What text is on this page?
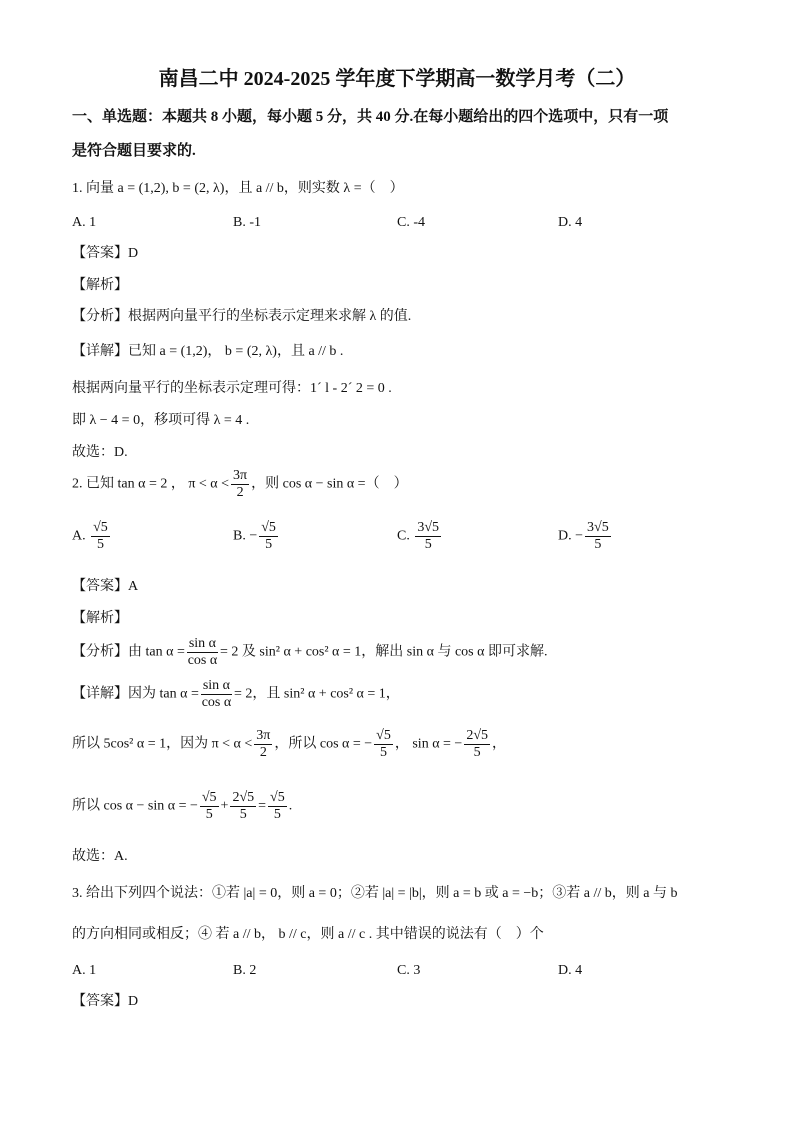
南昌二中 2024-2025 学年度下学期高一数学月考（二）
一、单选题：本题共 8 小题，每小题 5 分，共 40 分.在每小题给出的四个选项中，只有一项
是符合题目要求的.
1. 向量 a = (1,2), b = (2, λ)，且 a // b，则实数 λ =（　）
A. 1	B. -1	C. -4	D. 4
【答案】D
【解析】
【分析】根据两向量平行的坐标表示定理来求解 λ 的值.
【详解】已知 a = (1,2)， b = (2, λ)，且 a // b .
根据两向量平行的坐标表示定理可得：1´ l - 2´ 2 = 0 .
即 λ − 4 = 0，移项可得 λ = 4 .
故选：D.
2. 已知 tan α = 2 ， $\pi < \alpha < \frac{3\pi}{2}$ ，则 cos α − sin α =（　）
A. $\frac{√5}{5}$	B. − $\frac{√5}{5}$	C. $\frac{3√5}{5}$	D. − $\frac{3√5}{5}$
【答案】A
【解析】
【分析】由 $\tan \alpha = \frac{\text{sin α}}{\text{cos α}} = 2$ 及 sin² α + cos² α = 1，解出 sin α 与 cos α 即可求解.
【详解】因为 $\tan \alpha = \frac{\text{sin α}}{\text{cos α}} = 2$，且 sin² α + cos² α = 1，
所以 5cos² α = 1，因为 $\pi < \alpha < \frac{3\pi}{2}$ ，所以 cos α = − $\frac{√5}{5}$ ， sin α = − $\frac{2√5}{5}$ ，
所以 cos α − sin α = − $\frac{√5}{5} + \frac{2√5}{5} = \frac{√5}{5}$ .
故选：A.
3. 给出下列四个说法：①若 |a| = 0，则 a = 0；②若 |a| = |b|，则 a = b 或 a = −b；③若 a // b，则 a 与 b
的方向相同或相反；④ 若 a // b， b // c，则 a // c . 其中错误的说法有（　）个
A. 1	B. 2	C. 3	D. 4
【答案】D
